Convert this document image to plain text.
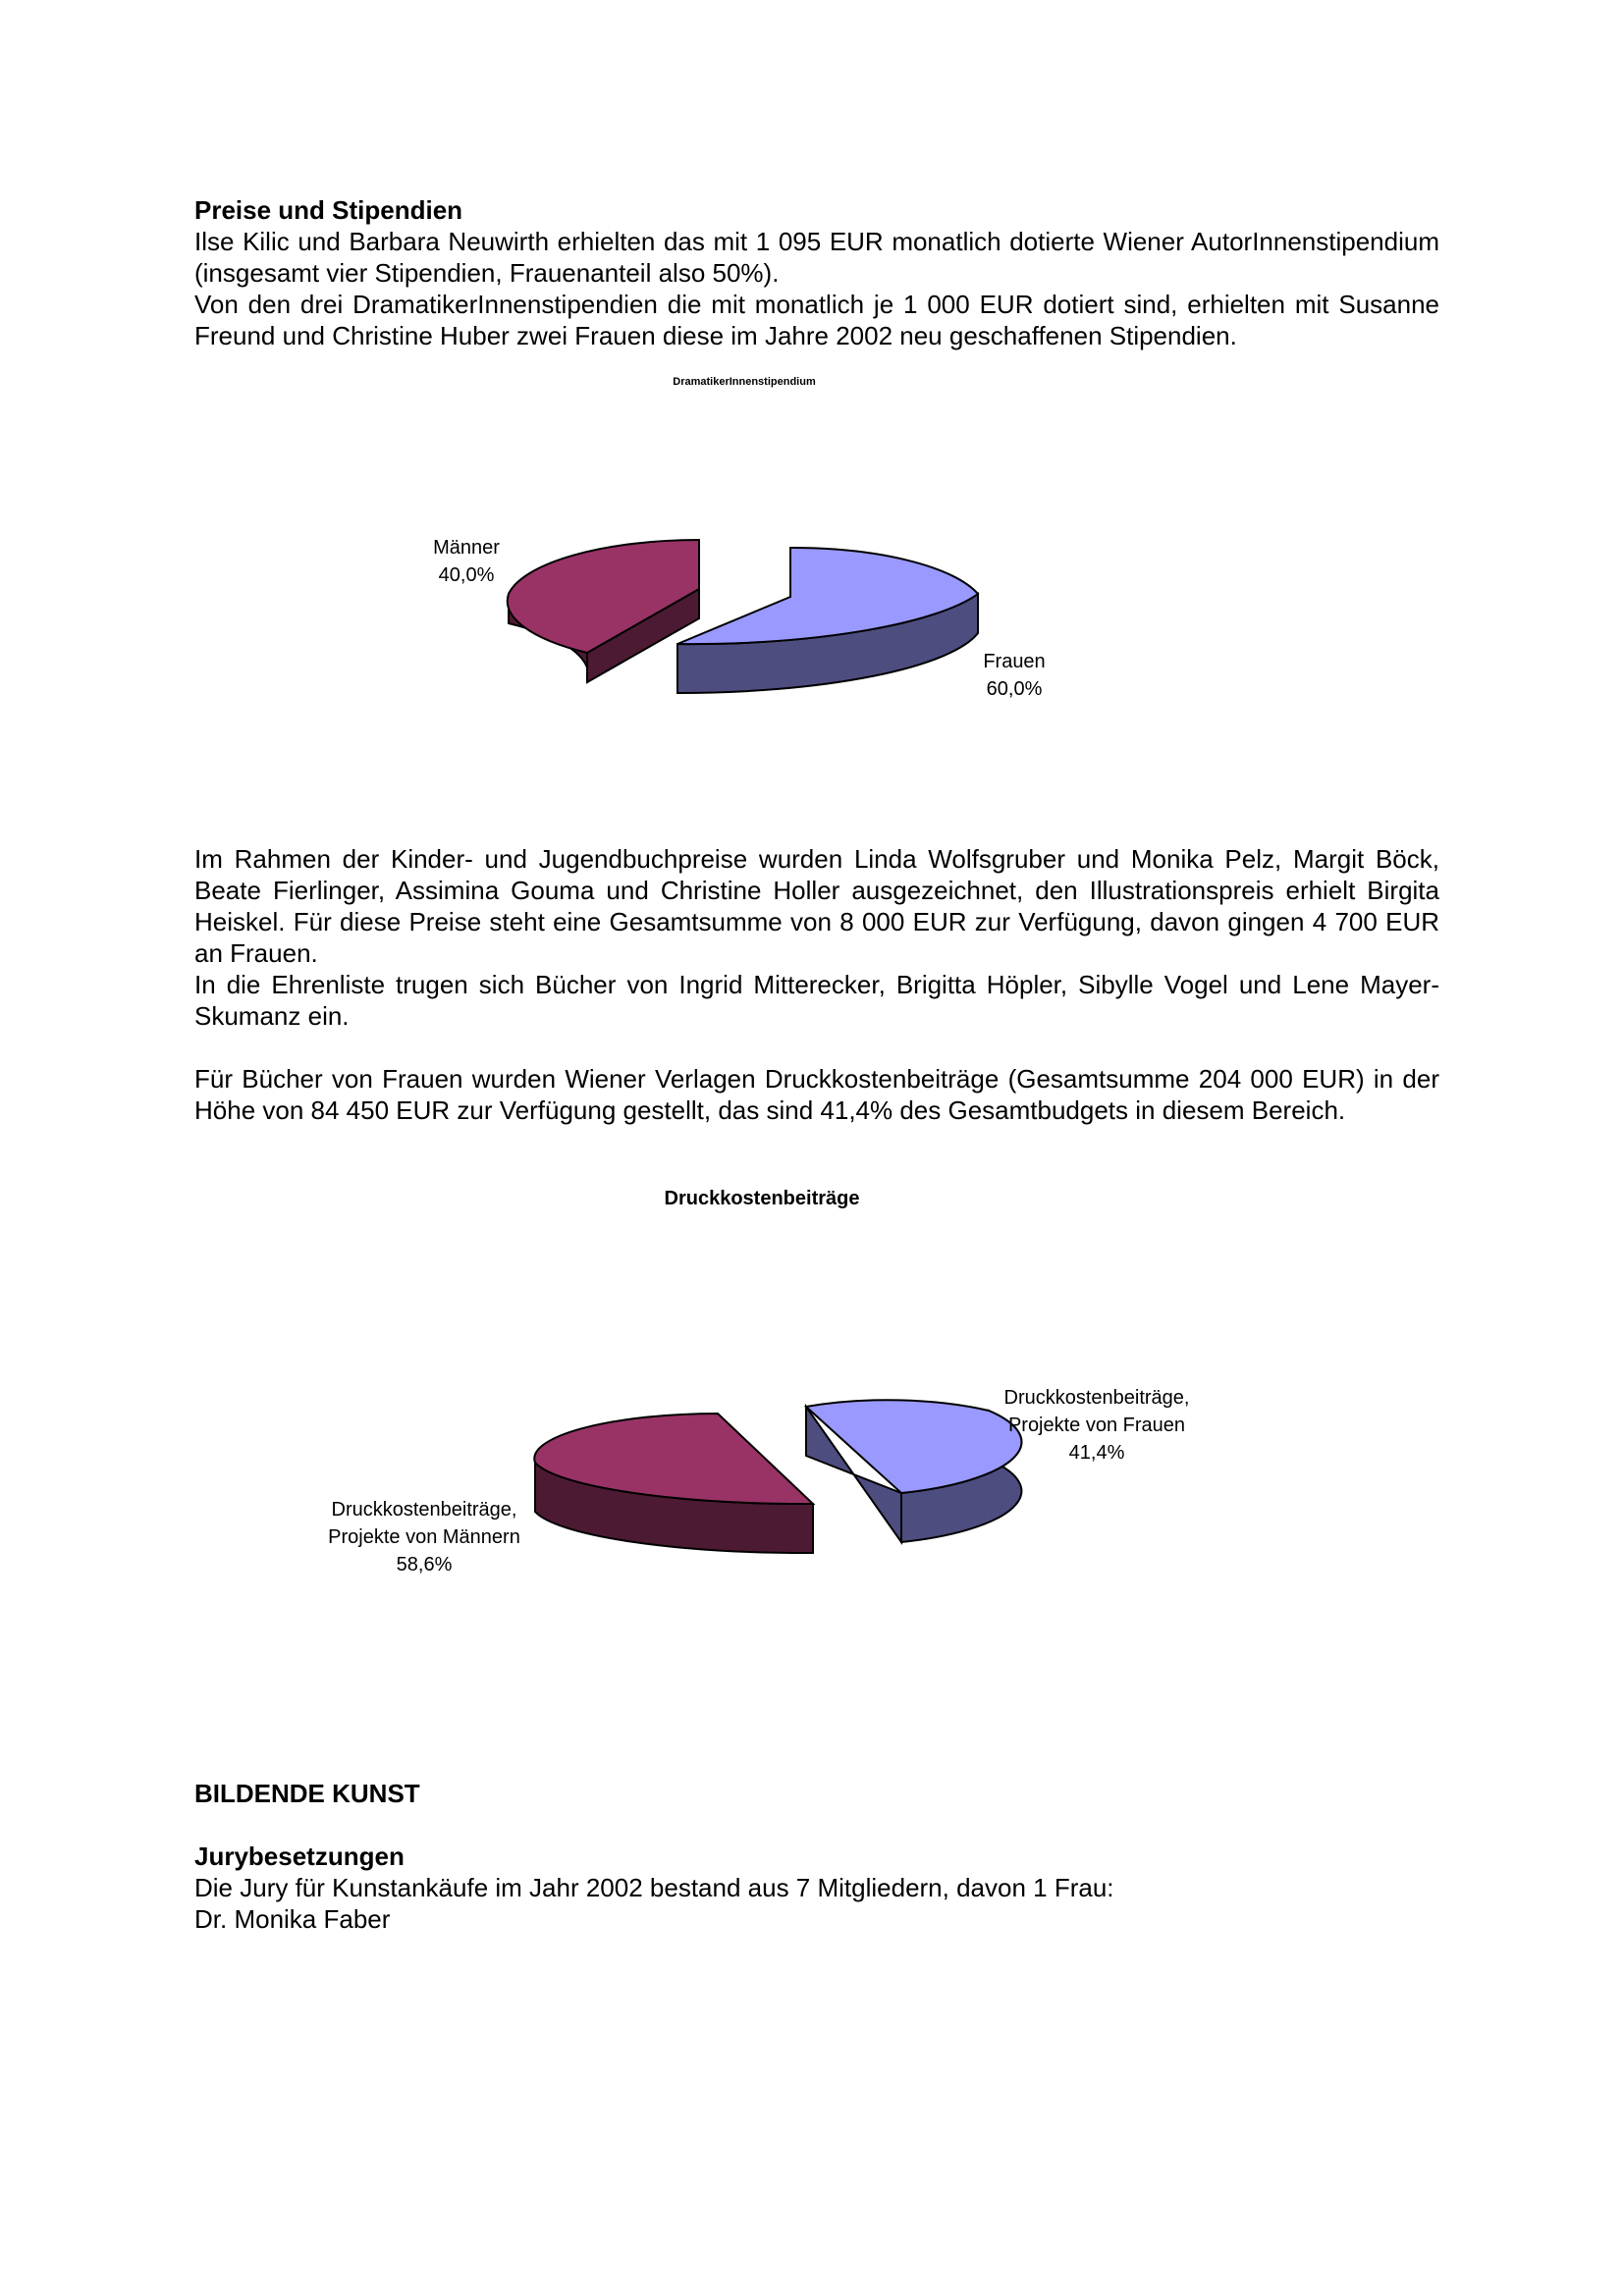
Preise und Stipendien

Ilse Kilic und Barbara Neuwirth erhielten das mit 1 095 EUR monatlich dotierte Wiener AutorInnenstipendium (insgesamt vier Stipendien, Frauenanteil also 50%).

Von den drei DramatikerInnenstipendien die mit monatlich je 1 000 EUR dotiert sind, erhielten mit Susanne Freund und Christine Huber zwei Frauen diese im Jahre 2002 neu geschaffenen Stipendien.

DramatikerInnenstipendium
Männer
40,0%
Frauen
60,0%

Im Rahmen der Kinder- und Jugendbuchpreise wurden Linda Wolfsgruber und Monika Pelz, Margit Böck, Beate Fierlinger, Assimina Gouma und Christine Holler ausgezeichnet, den Illustrationspreis erhielt Birgita Heiskel. Für diese Preise steht eine Gesamtsumme von 8 000 EUR zur Verfügung, davon gingen 4 700 EUR an Frauen.

In die Ehrenliste trugen sich Bücher von Ingrid Mitterecker, Brigitta Höpler, Sibylle Vogel und Lene Mayer-Skumanz ein.

Für Bücher von Frauen wurden Wiener Verlagen Druckkostenbeiträge (Gesamtsumme 204 000 EUR) in der Höhe von 84 450 EUR zur Verfügung gestellt, das sind 41,4% des Gesamtbudgets in diesem Bereich.

Druckkostenbeiträge
Druckkostenbeiträge,
Projekte von Frauen
41,4%
Druckkostenbeiträge,
Projekte von Männern
58,6%

BILDENDE KUNST

Jurybesetzungen

Die Jury für Kunstankäufe im Jahr 2002 bestand aus 7 Mitgliedern, davon 1 Frau:

Dr. Monika Faber
